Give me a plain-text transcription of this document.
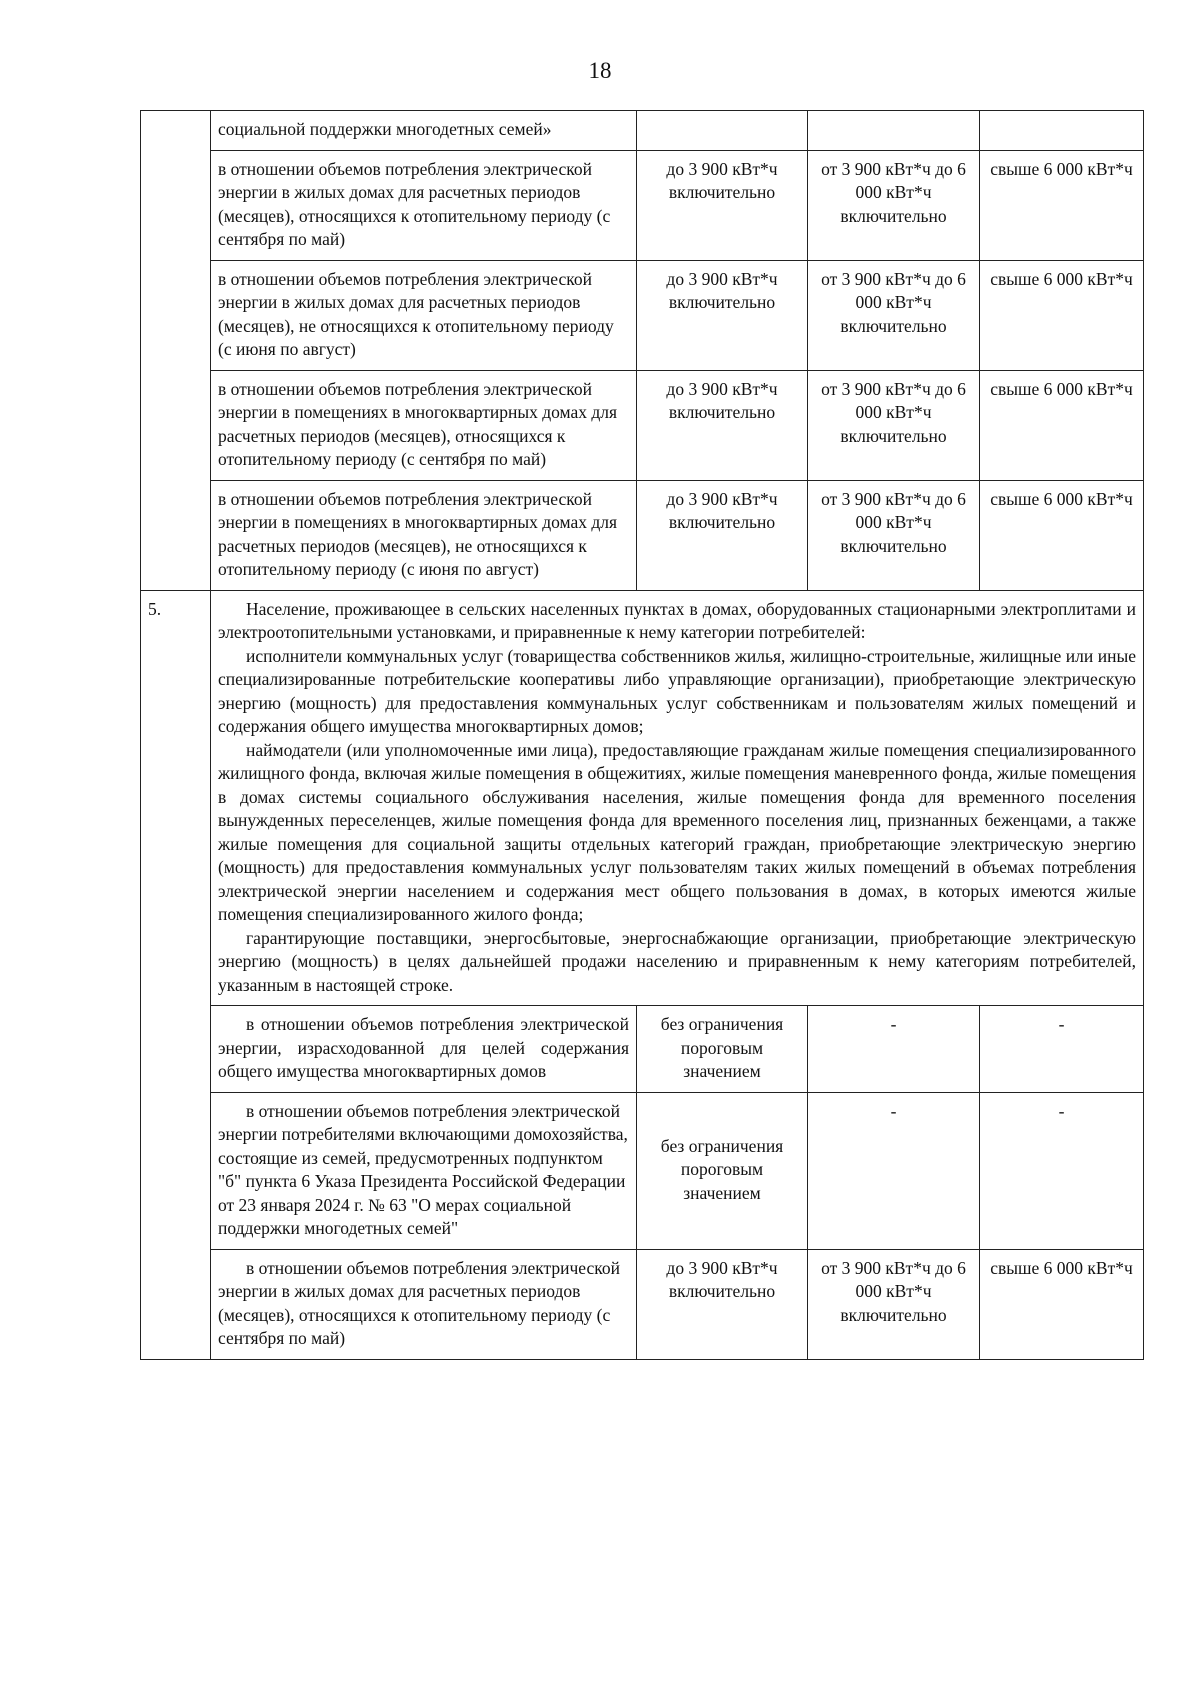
18
	социальной поддержки многодетных семей»			
	в отношении объемов потребления электрической энергии в жилых домах для расчетных периодов (месяцев), относящихся к отопительному периоду (с сентября по май)	до 3 900 кВт*ч включительно	от 3 900 кВт*ч до 6 000 кВт*ч включительно	свыше 6 000 кВт*ч
	в отношении объемов потребления электрической энергии в жилых домах для расчетных периодов (месяцев), не относящихся к отопительному периоду (с июня по август)	до 3 900 кВт*ч включительно	от 3 900 кВт*ч до 6 000 кВт*ч включительно	свыше 6 000 кВт*ч
	в отношении объемов потребления электрической энергии в помещениях в многоквартирных домах для расчетных периодов (месяцев), относящихся к отопительному периоду (с сентября по май)	до 3 900 кВт*ч включительно	от 3 900 кВт*ч до 6 000 кВт*ч включительно	свыше 6 000 кВт*ч
	в отношении объемов потребления электрической энергии в помещениях в многоквартирных домах для расчетных периодов (месяцев), не относящихся к отопительному периоду (с июня по август)	до 3 900 кВт*ч включительно	от 3 900 кВт*ч до 6 000 кВт*ч включительно	свыше 6 000 кВт*ч
5.	Население, проживающее в сельских населенных пунктах в домах, оборудованных стационарными электроплитами и электроотопительными установками, и приравненные к нему категории потребителей:

исполнители коммунальных услуг (товарищества собственников жилья, жилищно-строительные, жилищные или иные специализированные потребительские кооперативы либо управляющие организации), приобретающие электрическую энергию (мощность) для предоставления коммунальных услуг собственникам и пользователям жилых помещений и содержания общего имущества многоквартирных домов;

наймодатели (или уполномоченные ими лица), предоставляющие гражданам жилые помещения специализированного жилищного фонда, включая жилые помещения в общежитиях, жилые помещения маневренного фонда, жилые помещения в домах системы социального обслуживания населения, жилые помещения фонда для временного поселения вынужденных переселенцев, жилые помещения фонда для временного поселения лиц, признанных беженцами, а также жилые помещения для социальной защиты отдельных категорий граждан, приобретающие электрическую энергию (мощность) для предоставления коммунальных услуг пользователям таких жилых помещений в объемах потребления электрической энергии населением и содержания мест общего пользования в домах, в которых имеются жилые помещения специализированного жилого фонда;

гарантирующие поставщики, энергосбытовые, энергоснабжающие организации, приобретающие электрическую энергию (мощность) в целях дальнейшей продажи населению и приравненным к нему категориям потребителей, указанным в настоящей строке.			

	в отношении объемов потребления электрической энергии, израсходованной для целей содержания общего имущества многоквартирных домов	без ограничения пороговым значением	-	-
	в отношении объемов потребления электрической энергии потребителями включающими домохозяйства, состоящие из семей, предусмотренных подпунктом "б" пункта 6 Указа Президента Российской Федерации от 23 января 2024 г. № 63 "О мерах социальной поддержки многодетных семей"	без ограничения пороговым значением	-	-
	в отношении объемов потребления электрической энергии в жилых домах для расчетных периодов (месяцев), относящихся к отопительному периоду (с сентября по май)	до 3 900 кВт*ч включительно	от 3 900 кВт*ч до 6 000 кВт*ч включительно	свыше 6 000 кВт*ч
